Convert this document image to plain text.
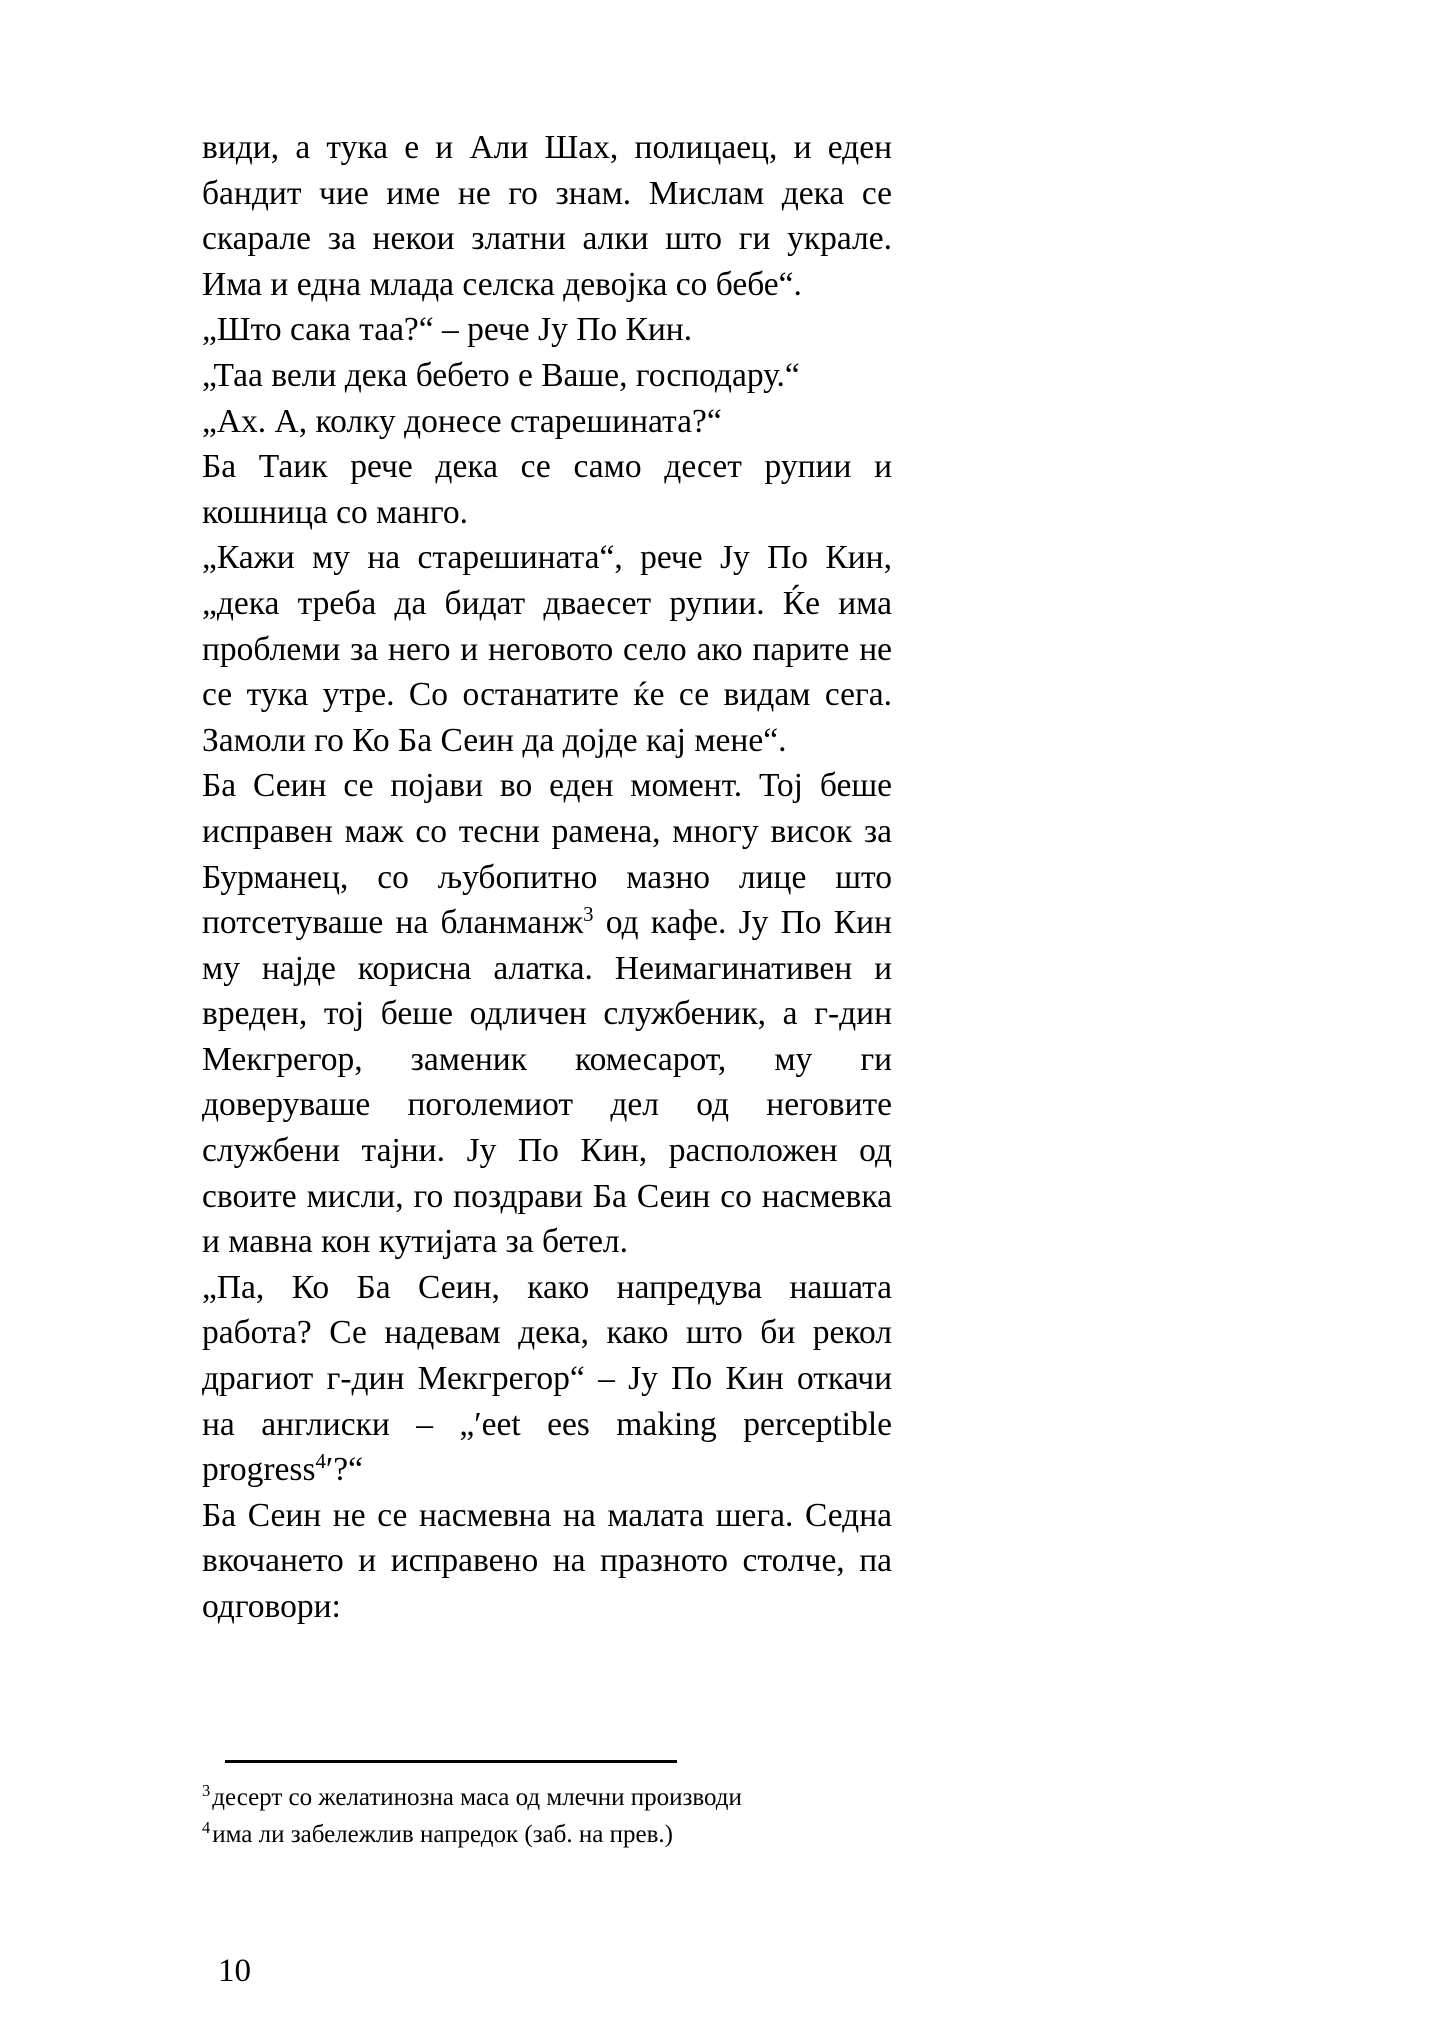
види, а тука е и Али Шах, полицаец, и еден бандит чие име не го знам. Мислам дека се скарале за некои златни алки што ги украле. Има и една млада селска девојка со бебе“.

„Што сака таа?“ – рече Ју По Кин.

„Таа вели дека бебето е Ваше, господару.“

„Ах. А, колку донесе старешината?“

Ба Таик рече дека се само десет рупии и кошница со манго.

„Кажи му на старешината“, рече Ју По Кин, „дека треба да бидат дваесет рупии. Ќе има проблеми за него и неговото село ако парите не се тука утре. Со останатите ќе се видам сега. Замоли го Ко Ба Сеин да дојде кај мене“.

Ба Сеин се појави во еден момент. Тој беше исправен маж со тесни рамена, многу висок за Бурманец, со љубопитно мазно лице што потсетуваше на бланманж$^3$ од кафе. Ју По Кин му најде корисна алатка. Неимагинативен и вреден, тој беше одличен службеник, а г-дин Мекгрегор, заменик комесарот, му ги доверуваше поголемиот дел од неговите службени тајни. Ју По Кин, расположен од своите мисли, го поздрави Ба Сеин со насмевка и мавна кон кутијата за бетел.

„Па, Ко Ба Сеин, како напредува нашата работа? Се надевам дека, како што би рекол драгиот г-дин Мекгрегор“ – Ју По Кин откачи на англиски – „′eet ees making perceptible progress$^4$′?“

Ба Сеин не се насмевна на малата шега. Седна вкочането и исправено на празното столче, па одговори:

$^3$десерт со желатинозна маса од млечни производи

$^4$има ли забележлив напредок (заб. на прев.)

10
